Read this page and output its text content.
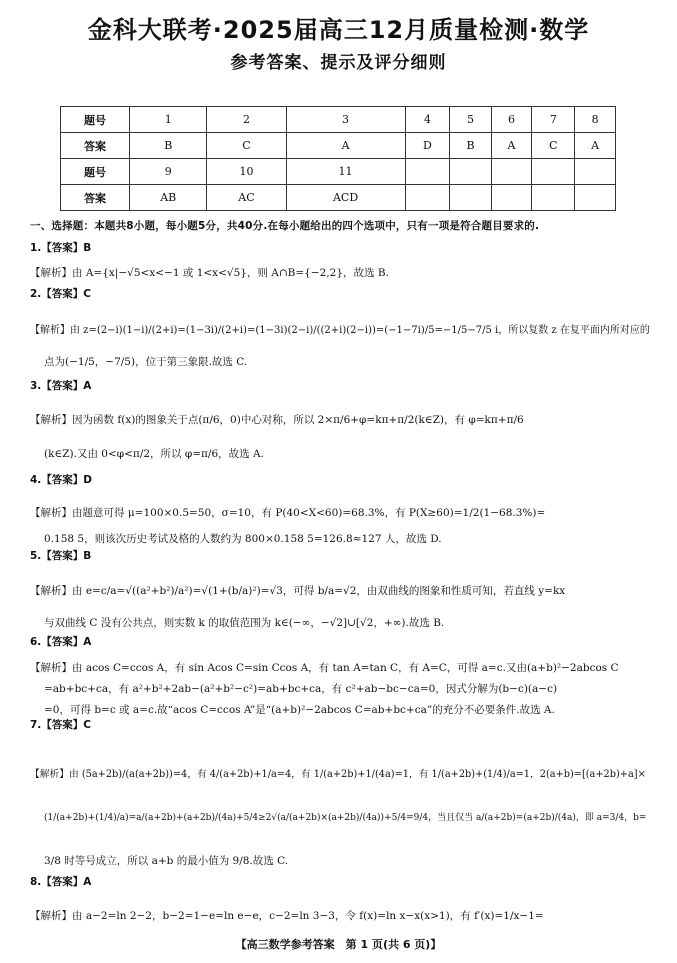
金科大联考·2025届高三12月质量检测·数学
参考答案、提示及评分细则
题号	1	2	3	4	5	6	7	8
答案	B	C	A	D	B	A	C	A
题号	9	10	11					
答案	AB	AC	ACD					
一、选择题：本题共8小题，每小题5分，共40分.在每小题给出的四个选项中，只有一项是符合题目要求的.
1.【答案】B
【解析】由 A={x|−√5<x<−1 或 1<x<√5}，则 A∩B={−2,2}，故选 B.
2.【答案】C
【解析】由 z=(2−i)(1−i)/(2+i)=(1−3i)/(2+i)=(1−3i)(2−i)/((2+i)(2−i))=(−1−7i)/5=−1/5−7/5 i，所以复数 z 在复平面内所对应的
点为(−1/5，−7/5)，位于第三象限.故选 C.
3.【答案】A
【解析】因为函数 f(x)的图象关于点(π/6，0)中心对称，所以 2×π/6+φ=kπ+π/2(k∈Z)，有 φ=kπ+π/6
(k∈Z).又由 0<φ<π/2，所以 φ=π/6，故选 A.
4.【答案】D
【解析】由题意可得 μ=100×0.5=50，σ=10，有 P(40<X<60)=68.3%，有 P(X≥60)=1/2(1−68.3%)=
0.158 5，则该次历史考试及格的人数约为 800×0.158 5=126.8≈127 人，故选 D.
5.【答案】B
【解析】由 e=c/a=√((a²+b²)/a²)=√(1+(b/a)²)=√3，可得 b/a=√2，由双曲线的图象和性质可知，若直线 y=kx
与双曲线 C 没有公共点，则实数 k 的取值范围为 k∈(−∞，−√2]∪[√2，+∞).故选 B.
6.【答案】A
【解析】由 acos C=ccos A，有 sin Acos C=sin Ccos A，有 tan A=tan C，有 A=C，可得 a=c.又由(a+b)²−2abcos C
=ab+bc+ca，有 a²+b²+2ab−(a²+b²−c²)=ab+bc+ca，有 c²+ab−bc−ca=0，因式分解为(b−c)(a−c)
=0，可得 b=c 或 a=c.故“acos C=ccos A”是“(a+b)²−2abcos C=ab+bc+ca”的充分不必要条件.故选 A.
7.【答案】C
【解析】由 (5a+2b)/(a(a+2b))=4，有 4/(a+2b)+1/a=4，有 1/(a+2b)+1/(4a)=1，有 1/(a+2b)+(1/4)/a=1，2(a+b)=[(a+2b)+a]×
(1/(a+2b)+(1/4)/a)=a/(a+2b)+(a+2b)/(4a)+5/4≥2√(a/(a+2b)×(a+2b)/(4a))+5/4=9/4，当且仅当 a/(a+2b)=(a+2b)/(4a)，即 a=3/4，b=
3/8 时等号成立，所以 a+b 的最小值为 9/8.故选 C.
8.【答案】A
【解析】由 a−2=ln 2−2，b−2=1−e=ln e−e，c−2=ln 3−3，令 f(x)=ln x−x(x>1)，有 f′(x)=1/x−1=
【高三数学参考答案　第 1 页(共 6 页)】
